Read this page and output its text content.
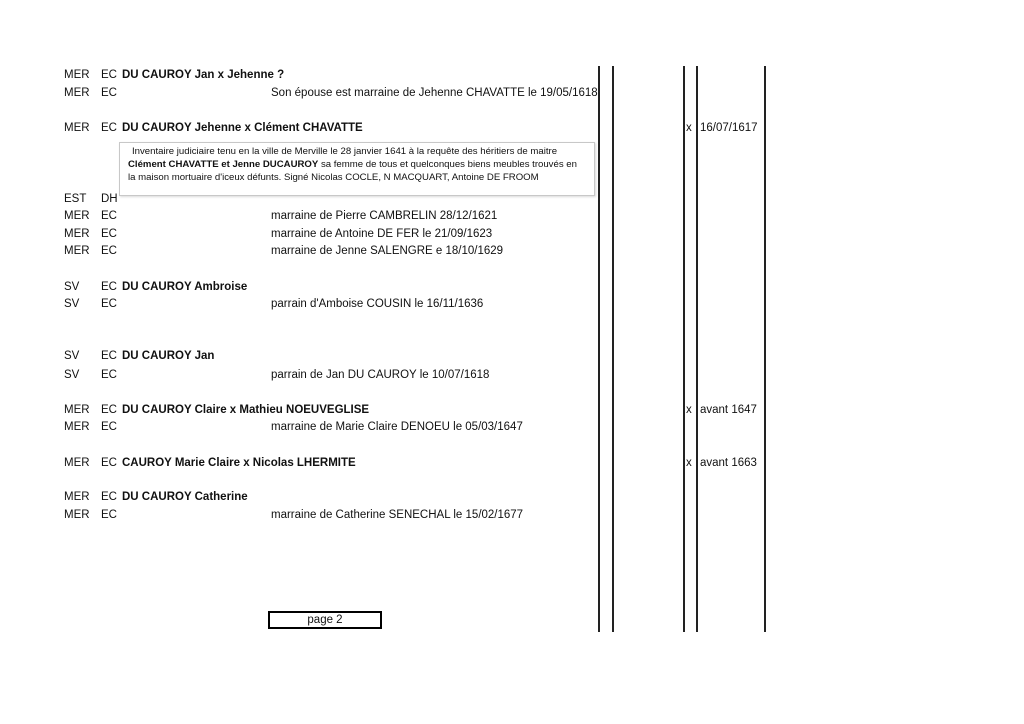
MER EC DU CAUROY Jan x Jehenne ?
MER EC	Son épouse est marraine de Jehenne CHAVATTE le 19/05/1618
MER EC DU CAUROY Jehenne x Clément CHAVATTE	x 16/07/1617
Inventaire judiciaire tenu en la ville de Merville le 28 janvier 1641 à la requête des héritiers de maitre
Clément CHAVATTE et Jenne DUCAUROY sa femme de tous et quelconques biens meubles trouvés en
la maison mortuaire d'iceux défunts. Signé Nicolas COCLE, N MACQUART, Antoine DE FROOM
EST DH
MER EC	marraine de Pierre CAMBRELIN 28/12/1621
MER EC	marraine de Antoine DE FER le 21/09/1623
MER EC	marraine de Jenne SALENGRE e 18/10/1629
SV EC DU CAUROY Ambroise
SV EC	parrain d'Amboise COUSIN le 16/11/1636
SV EC DU CAUROY Jan
SV EC	parrain de Jan DU CAUROY le 10/07/1618
MER EC DU CAUROY Claire x Mathieu NOEUVEGLISE	x avant 1647
MER EC	marraine de Marie Claire DENOEU le 05/03/1647
MER EC CAUROY Marie Claire x Nicolas LHERMITE	x avant 1663
MER EC DU CAUROY Catherine
MER EC	marraine de Catherine SENECHAL le 15/02/1677
page 2
